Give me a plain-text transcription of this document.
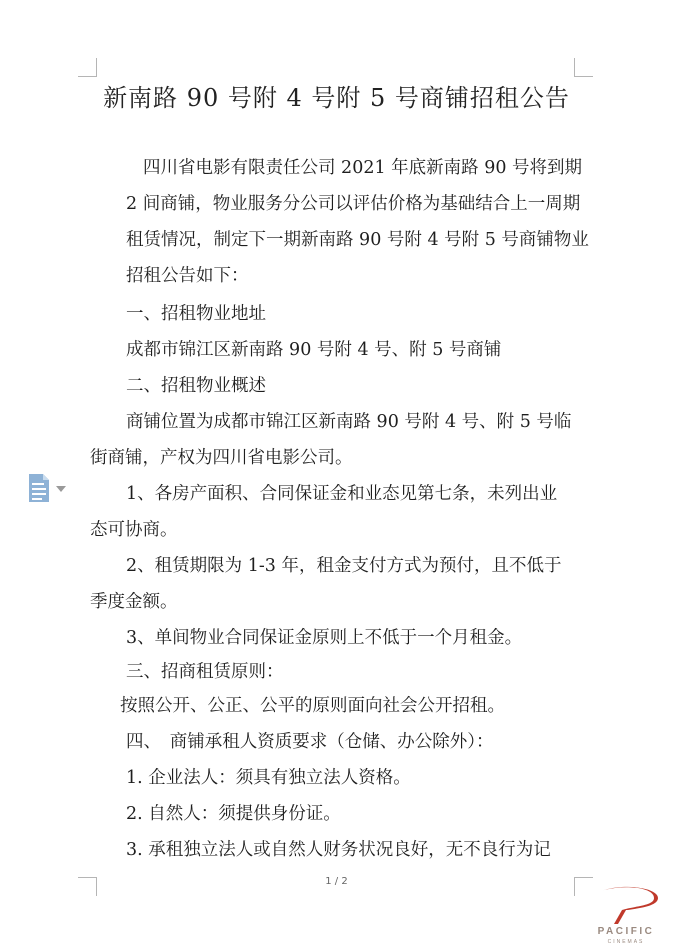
新南路 90 号附 4 号附 5 号商铺招租公告
四川省电影有限责任公司 2021 年底新南路 90 号将到期
2 间商铺，物业服务分公司以评估价格为基础结合上一周期
租赁情况，制定下一期新南路 90 号附 4 号附 5 号商铺物业
招租公告如下：
一、招租物业地址
成都市锦江区新南路 90 号附 4 号、附 5 号商铺
二、招租物业概述
商铺位置为成都市锦江区新南路 90 号附 4 号、附 5 号临
街商铺，产权为四川省电影公司。
1、各房产面积、合同保证金和业态见第七条，未列出业
态可协商。
2、租赁期限为 1-3 年，租金支付方式为预付，且不低于
季度金额。
3、单间物业合同保证金原则上不低于一个月租金。
三、招商租赁原则：
按照公开、公正、公平的原则面向社会公开招租。
四、　商铺承租人资质要求（仓储、办公除外）：
1. 企业法人：须具有独立法人资格。
2. 自然人：须提供身份证。
3. 承租独立法人或自然人财务状况良好，无不良行为记
1 / 2
PACIFIC
CINEMAS
